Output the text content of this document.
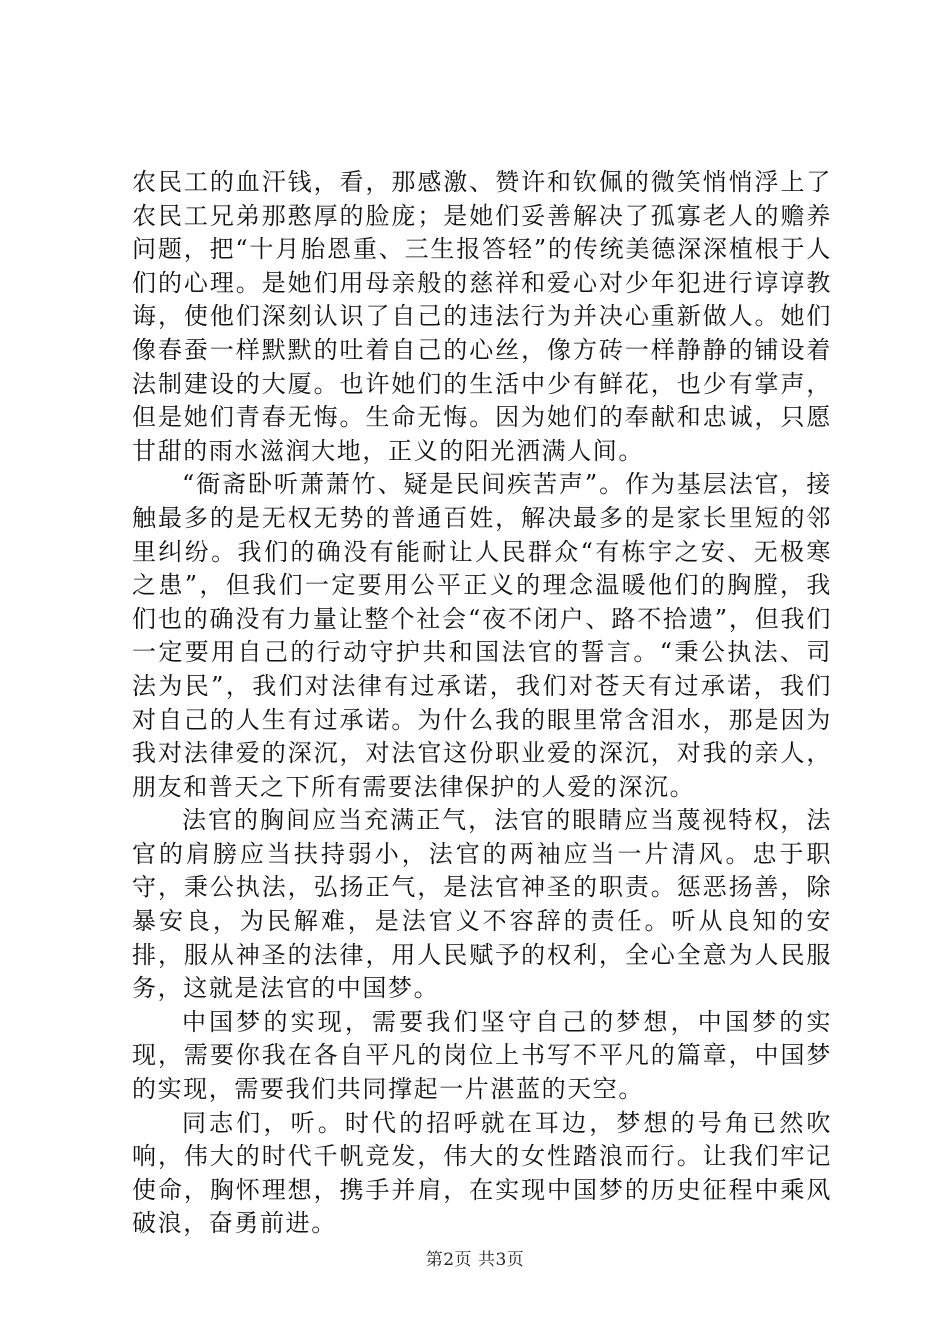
农民工的血汗钱，看，那感激、赞许和钦佩的微笑悄悄浮上了农民工兄弟那憨厚的脸庞；是她们妥善解决了孤寡老人的赡养问题，把“十月胎恩重、三生报答轻”的传统美德深深植根于人们的心理。是她们用母亲般的慈祥和爱心对少年犯进行谆谆教诲，使他们深刻认识了自己的违法行为并决心重新做人。她们像春蚕一样默默的吐着自己的心丝，像方砖一样静静的铺设着法制建设的大厦。也许她们的生活中少有鲜花，也少有掌声，但是她们青春无悔。生命无悔。因为她们的奉献和忠诚，只愿甘甜的雨水滋润大地，正义的阳光洒满人间。

“衙斋卧听萧萧竹、疑是民间疾苦声”。作为基层法官，接触最多的是无权无势的普通百姓，解决最多的是家长里短的邻里纠纷。我们的确没有能耐让人民群众“有栋宇之安、无极寒之患”，但我们一定要用公平正义的理念温暖他们的胸膛，我们也的确没有力量让整个社会“夜不闭户、路不拾遗”，但我们一定要用自己的行动守护共和国法官的誓言。“秉公执法、司法为民”，我们对法律有过承诺，我们对苍天有过承诺，我们对自己的人生有过承诺。为什么我的眼里常含泪水，那是因为我对法律爱的深沉，对法官这份职业爱的深沉，对我的亲人，朋友和普天之下所有需要法律保护的人爱的深沉。

法官的胸间应当充满正气，法官的眼睛应当蔑视特权，法官的肩膀应当扶持弱小，法官的两袖应当一片清风。忠于职守，秉公执法，弘扬正气，是法官神圣的职责。惩恶扬善，除暴安良，为民解难，是法官义不容辞的责任。听从良知的安排，服从神圣的法律，用人民赋予的权利，全心全意为人民服务，这就是法官的中国梦。

中国梦的实现，需要我们坚守自己的梦想，中国梦的实现，需要你我在各自平凡的岗位上书写不平凡的篇章，中国梦的实现，需要我们共同撑起一片湛蓝的天空。

同志们，听。时代的招呼就在耳边，梦想的号角已然吹响，伟大的时代千帆竞发，伟大的女性踏浪而行。让我们牢记使命，胸怀理想，携手并肩，在实现中国梦的历史征程中乘风破浪，奋勇前进。

第2页 共3页
